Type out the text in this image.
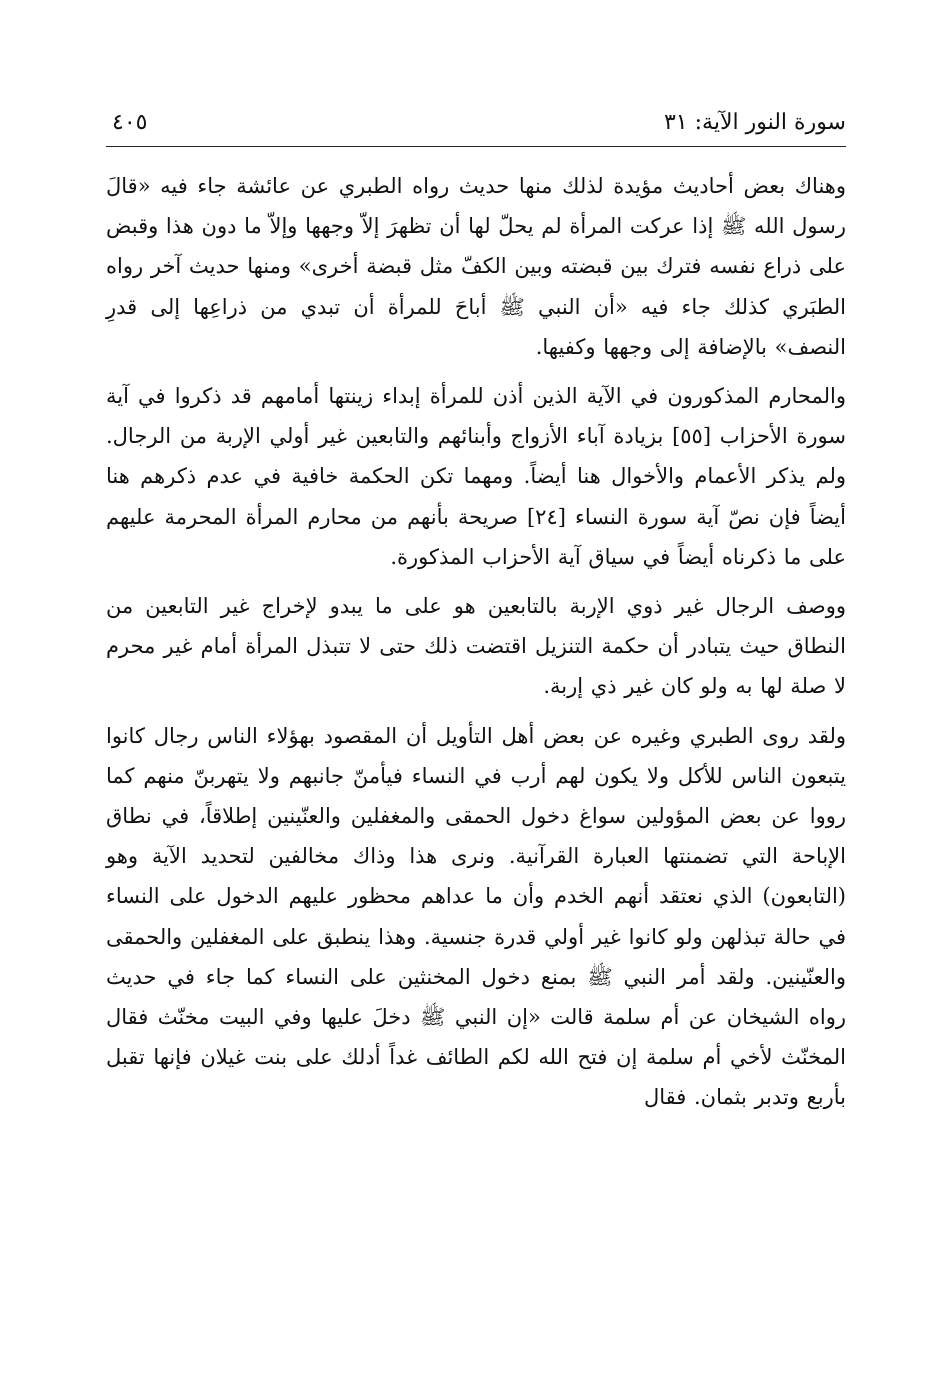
سورة النور الآية: ٣١
٤٠٥

وهناك بعض أحاديث مؤيدة لذلك منها حديث رواه الطبري عن عائشة جاء فيه «قالَ رسول الله ﷺ إذا عركت المرأة لم يحلّ لها أن تظهرَ إلاّ وجهها وإلاّ ما دون هذا وقبض على ذراع نفسه فترك بين قبضته وبين الكفّ مثل قبضة أخرى» ومنها حديث آخر رواه الطبَري كذلك جاء فيه «أن النبي ﷺ أباحَ للمرأة أن تبدي من ذراعِها إلى قدرِ النصف» بالإضافة إلى وجهها وكفيها.

والمحارم المذكورون في الآية الذين أذن للمرأة إبداء زينتها أمامهم قد ذكروا في آية سورة الأحزاب [٥٥] بزيادة آباء الأزواج وأبنائهم والتابعين غير أولي الإربة من الرجال. ولم يذكر الأعمام والأخوال هنا أيضاً. ومهما تكن الحكمة خافية في عدم ذكرهم هنا أيضاً فإن نصّ آية سورة النساء [٢٤] صريحة بأنهم من محارم المرأة المحرمة عليهم على ما ذكرناه أيضاً في سياق آية الأحزاب المذكورة.

ووصف الرجال غير ذوي الإربة بالتابعين هو على ما يبدو لإخراج غير التابعين من النطاق حيث يتبادر أن حكمة التنزيل اقتضت ذلك حتى لا تتبذل المرأة أمام غير محرم لا صلة لها به ولو كان غير ذي إربة.

ولقد روى الطبري وغيره عن بعض أهل التأويل أن المقصود بهؤلاء الناس رجال كانوا يتبعون الناس للأكل ولا يكون لهم أرب في النساء فيأمنّ جانبهم ولا يتهربنّ منهم كما رووا عن بعض المؤولين سواغ دخول الحمقى والمغفلين والعنّينين إطلاقاً، في نطاق الإباحة التي تضمنتها العبارة القرآنية. ونرى هذا وذاك مخالفين لتحديد الآية وهو (التابعون) الذي نعتقد أنهم الخدم وأن ما عداهم محظور عليهم الدخول على النساء في حالة تبذلهن ولو كانوا غير أولي قدرة جنسية. وهذا ينطبق على المغفلين والحمقى والعنّينين. ولقد أمر النبي ﷺ بمنع دخول المخنثين على النساء كما جاء في حديث رواه الشيخان عن أم سلمة قالت «إن النبي ﷺ دخلَ عليها وفي البيت مخنّث فقال المخنّث لأخي أم سلمة إن فتح الله لكم الطائف غداً أدلك على بنت غيلان فإنها تقبل بأربع وتدبر بثمان. فقال
